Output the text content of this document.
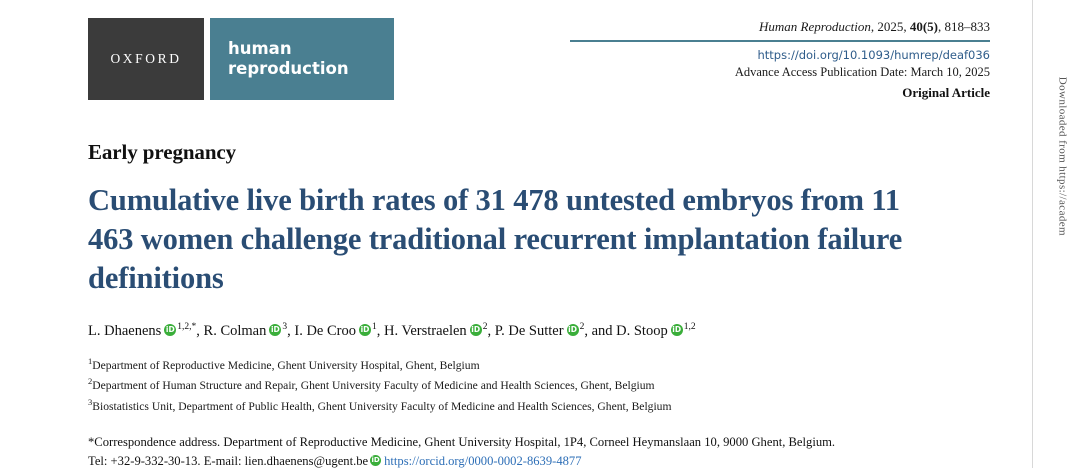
OXFORD
human
reproduction
Human Reproduction, 2025, 40(5), 818–833
https://doi.org/10.1093/humrep/deaf036
Advance Access Publication Date: March 10, 2025
Original Article
Early pregnancy
Cumulative live birth rates of 31 478 untested embryos from 11 463 women challenge traditional recurrent implantation failure definitions
L. Dhaenens iD $^{1,2,*}$, R. Colman iD $^3$, I. De Croo iD $^1$, H. Verstraelen iD $^2$, P. De Sutter iD $^2$, and D. Stoop iD $^{1,2}$
$^1$Department of Reproductive Medicine, Ghent University Hospital, Ghent, Belgium
$^2$Department of Human Structure and Repair, Ghent University Faculty of Medicine and Health Sciences, Ghent, Belgium
$^3$Biostatistics Unit, Department of Public Health, Ghent University Faculty of Medicine and Health Sciences, Ghent, Belgium
*Correspondence address. Department of Reproductive Medicine, Ghent University Hospital, 1P4, Corneel Heymanslaan 10, 9000 Ghent, Belgium.
Tel: +32-9-332-30-13. E-mail: lien.dhaenens@ugent.be iD https://orcid.org/0000-0002-8639-4877
Downloaded from https://academ
